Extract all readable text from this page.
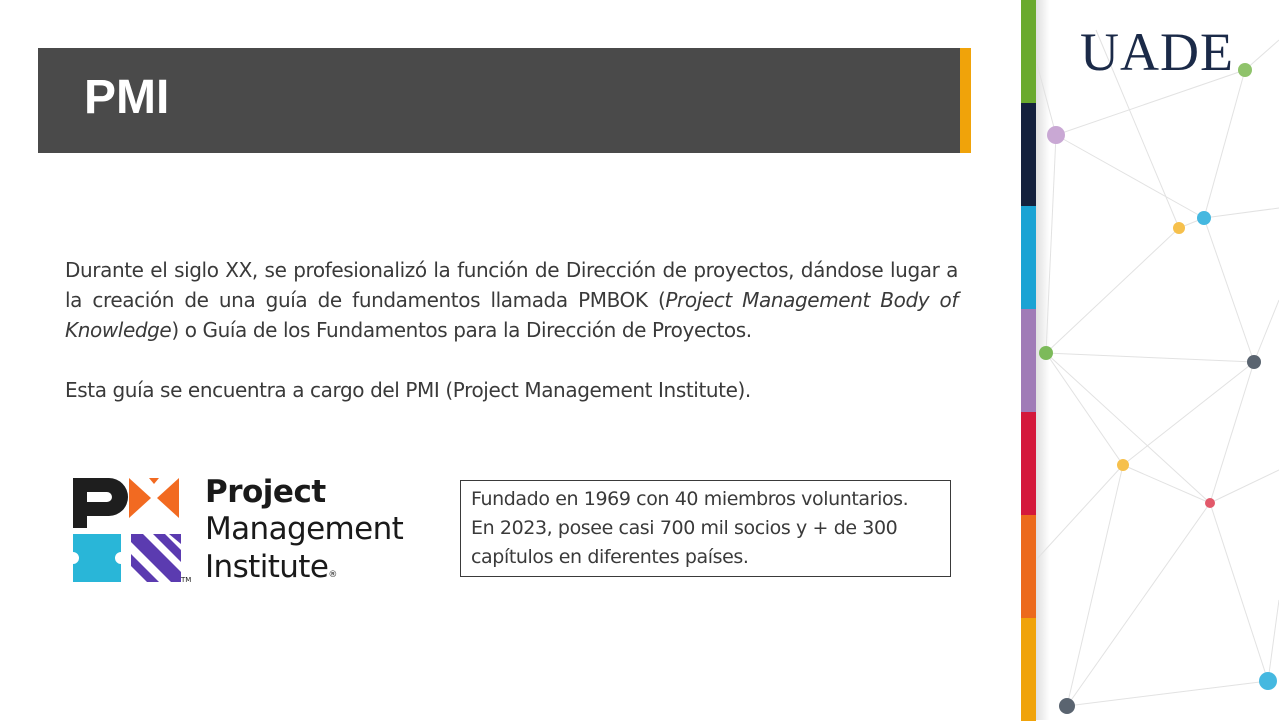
PMI

Durante el siglo XX, se profesionalizó la función de Dirección de proyectos, dándose lugar a la creación de una guía de fundamentos llamada PMBOK (Project Management Body of Knowledge) o Guía de los Fundamentos para la Dirección de Proyectos.

Esta guía se encuentra a cargo del PMI (Project Management Institute).

TM
Project
Management
Institute®
Fundado en 1969 con 40 miembros voluntarios.
En 2023, posee casi 700 mil socios y + de 300
capítulos en diferentes países.
UADE
